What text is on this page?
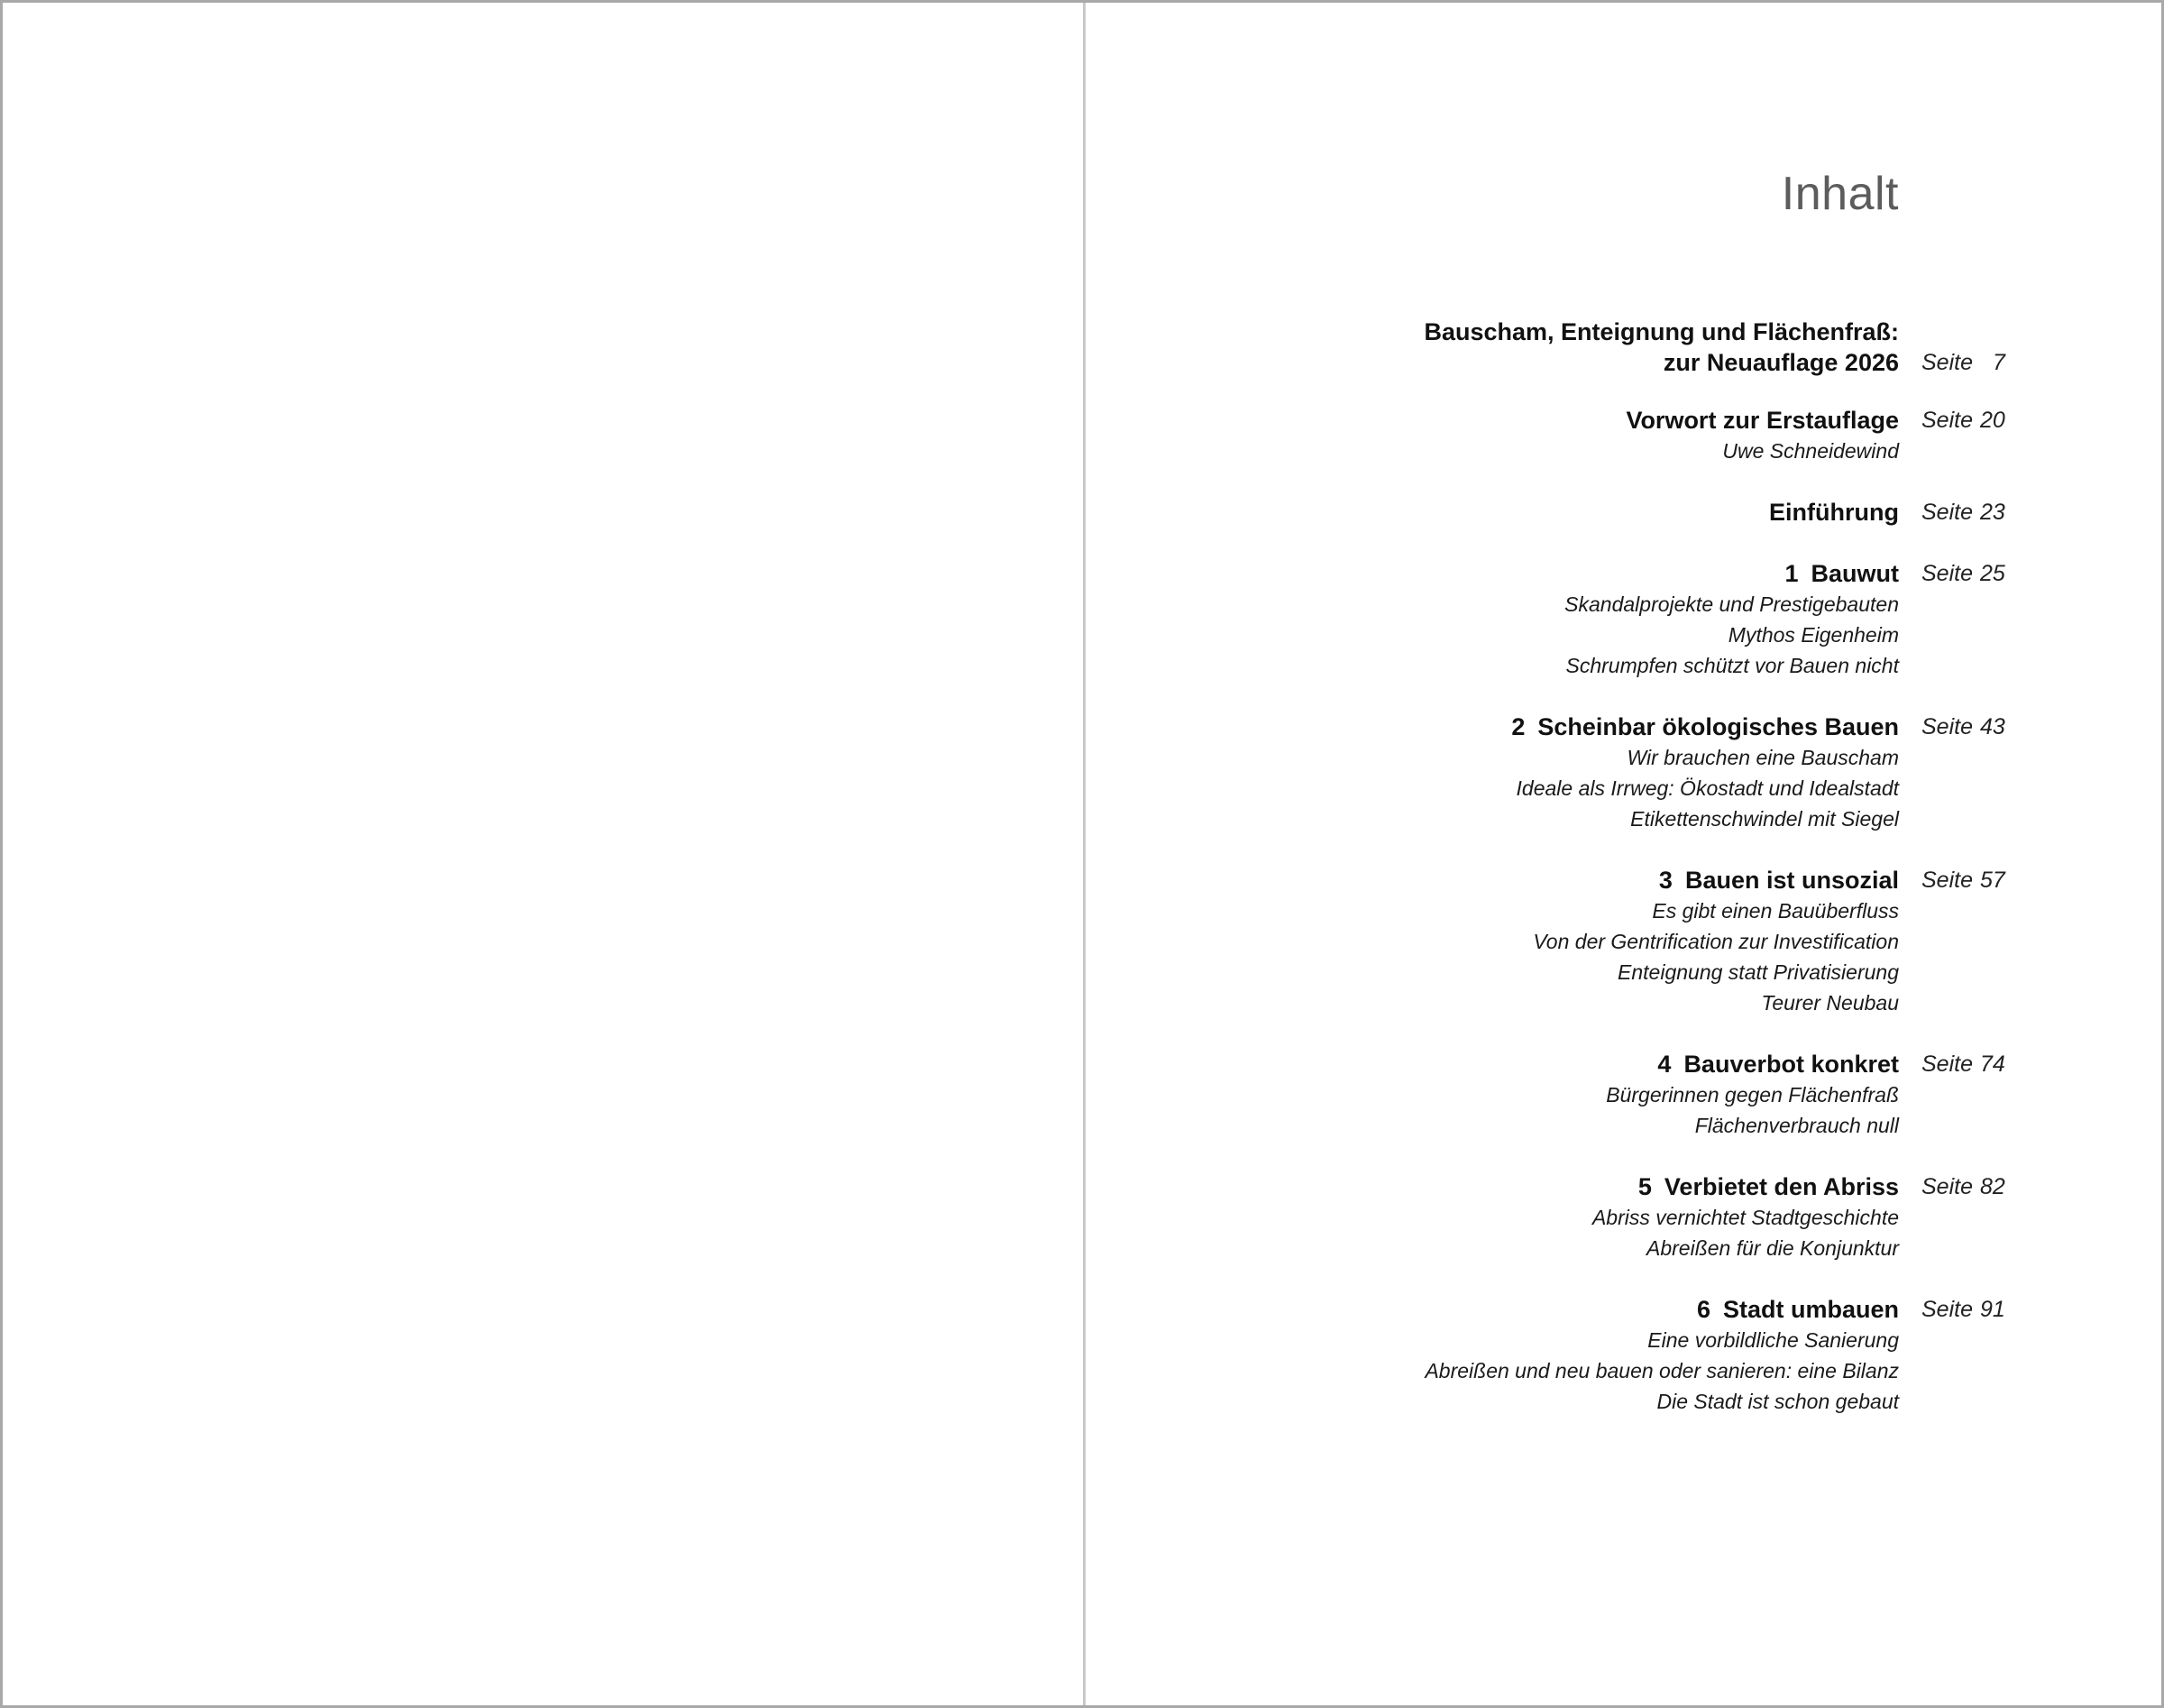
Inhalt
Bauscham, Enteignung und Flächenfraß:
zur Neuauflage 2026 Seite 7
Vorwort zur Erstauflage Seite 20
Uwe Schneidewind
Einführung Seite 23
1 Bauwut Seite 25
Skandalprojekte und Prestigebauten
Mythos Eigenheim
Schrumpfen schützt vor Bauen nicht
2 Scheinbar ökologisches Bauen Seite 43
Wir brauchen eine Bauscham
Ideale als Irrweg: Ökostadt und Idealstadt
Etikettenschwindel mit Siegel
3 Bauen ist unsozial Seite 57
Es gibt einen Bauüberfluss
Von der Gentrification zur Investification
Enteignung statt Privatisierung
Teurer Neubau
4 Bauverbot konkret Seite 74
Bürgerinnen gegen Flächenfraß
Flächenverbrauch null
5 Verbietet den Abriss Seite 82
Abriss vernichtet Stadtgeschichte
Abreißen für die Konjunktur
6 Stadt umbauen Seite 91
Eine vorbildliche Sanierung
Abreißen und neu bauen oder sanieren: eine Bilanz
Die Stadt ist schon gebaut
